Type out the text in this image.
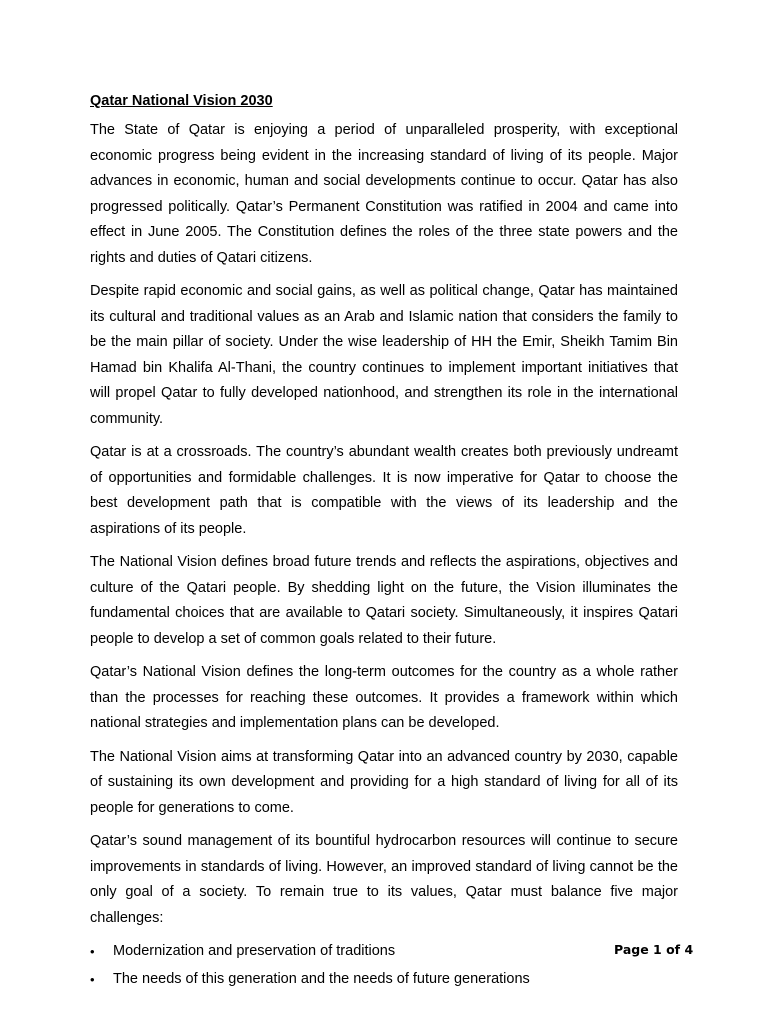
Qatar National Vision 2030

The State of Qatar is enjoying a period of unparalleled prosperity, with exceptional economic progress being evident in the increasing standard of living of its people. Major advances in economic, human and social developments continue to occur. Qatar has also progressed politically. Qatar’s Permanent Constitution was ratified in 2004 and came into effect in June 2005. The Constitution defines the roles of the three state powers and the rights and duties of Qatari citizens.

Despite rapid economic and social gains, as well as political change, Qatar has maintained its cultural and traditional values as an Arab and Islamic nation that considers the family to be the main pillar of society. Under the wise leadership of HH the Emir, Sheikh Tamim Bin Hamad bin Khalifa Al-Thani, the country continues to implement important initiatives that will propel Qatar to fully developed nationhood, and strengthen its role in the international community.

Qatar is at a crossroads. The country’s abundant wealth creates both previously undreamt of opportunities and formidable challenges. It is now imperative for Qatar to choose the best development path that is compatible with the views of its leadership and the aspirations of its people.

The National Vision defines broad future trends and reflects the aspirations, objectives and culture of the Qatari people. By shedding light on the future, the Vision illuminates the fundamental choices that are available to Qatari society. Simultaneously, it inspires Qatari people to develop a set of common goals related to their future.

Qatar’s National Vision defines the long-term outcomes for the country as a whole rather than the processes for reaching these outcomes. It provides a framework within which national strategies and implementation plans can be developed.

The National Vision aims at transforming Qatar into an advanced country by 2030, capable of sustaining its own development and providing for a high standard of living for all of its people for generations to come.

Qatar’s sound management of its bountiful hydrocarbon resources will continue to secure improvements in standards of living. However, an improved standard of living cannot be the only goal of a society. To remain true to its values, Qatar must balance five major challenges:

• Modernization and preservation of traditions
• The needs of this generation and the needs of future generations
Page 1 of 4
